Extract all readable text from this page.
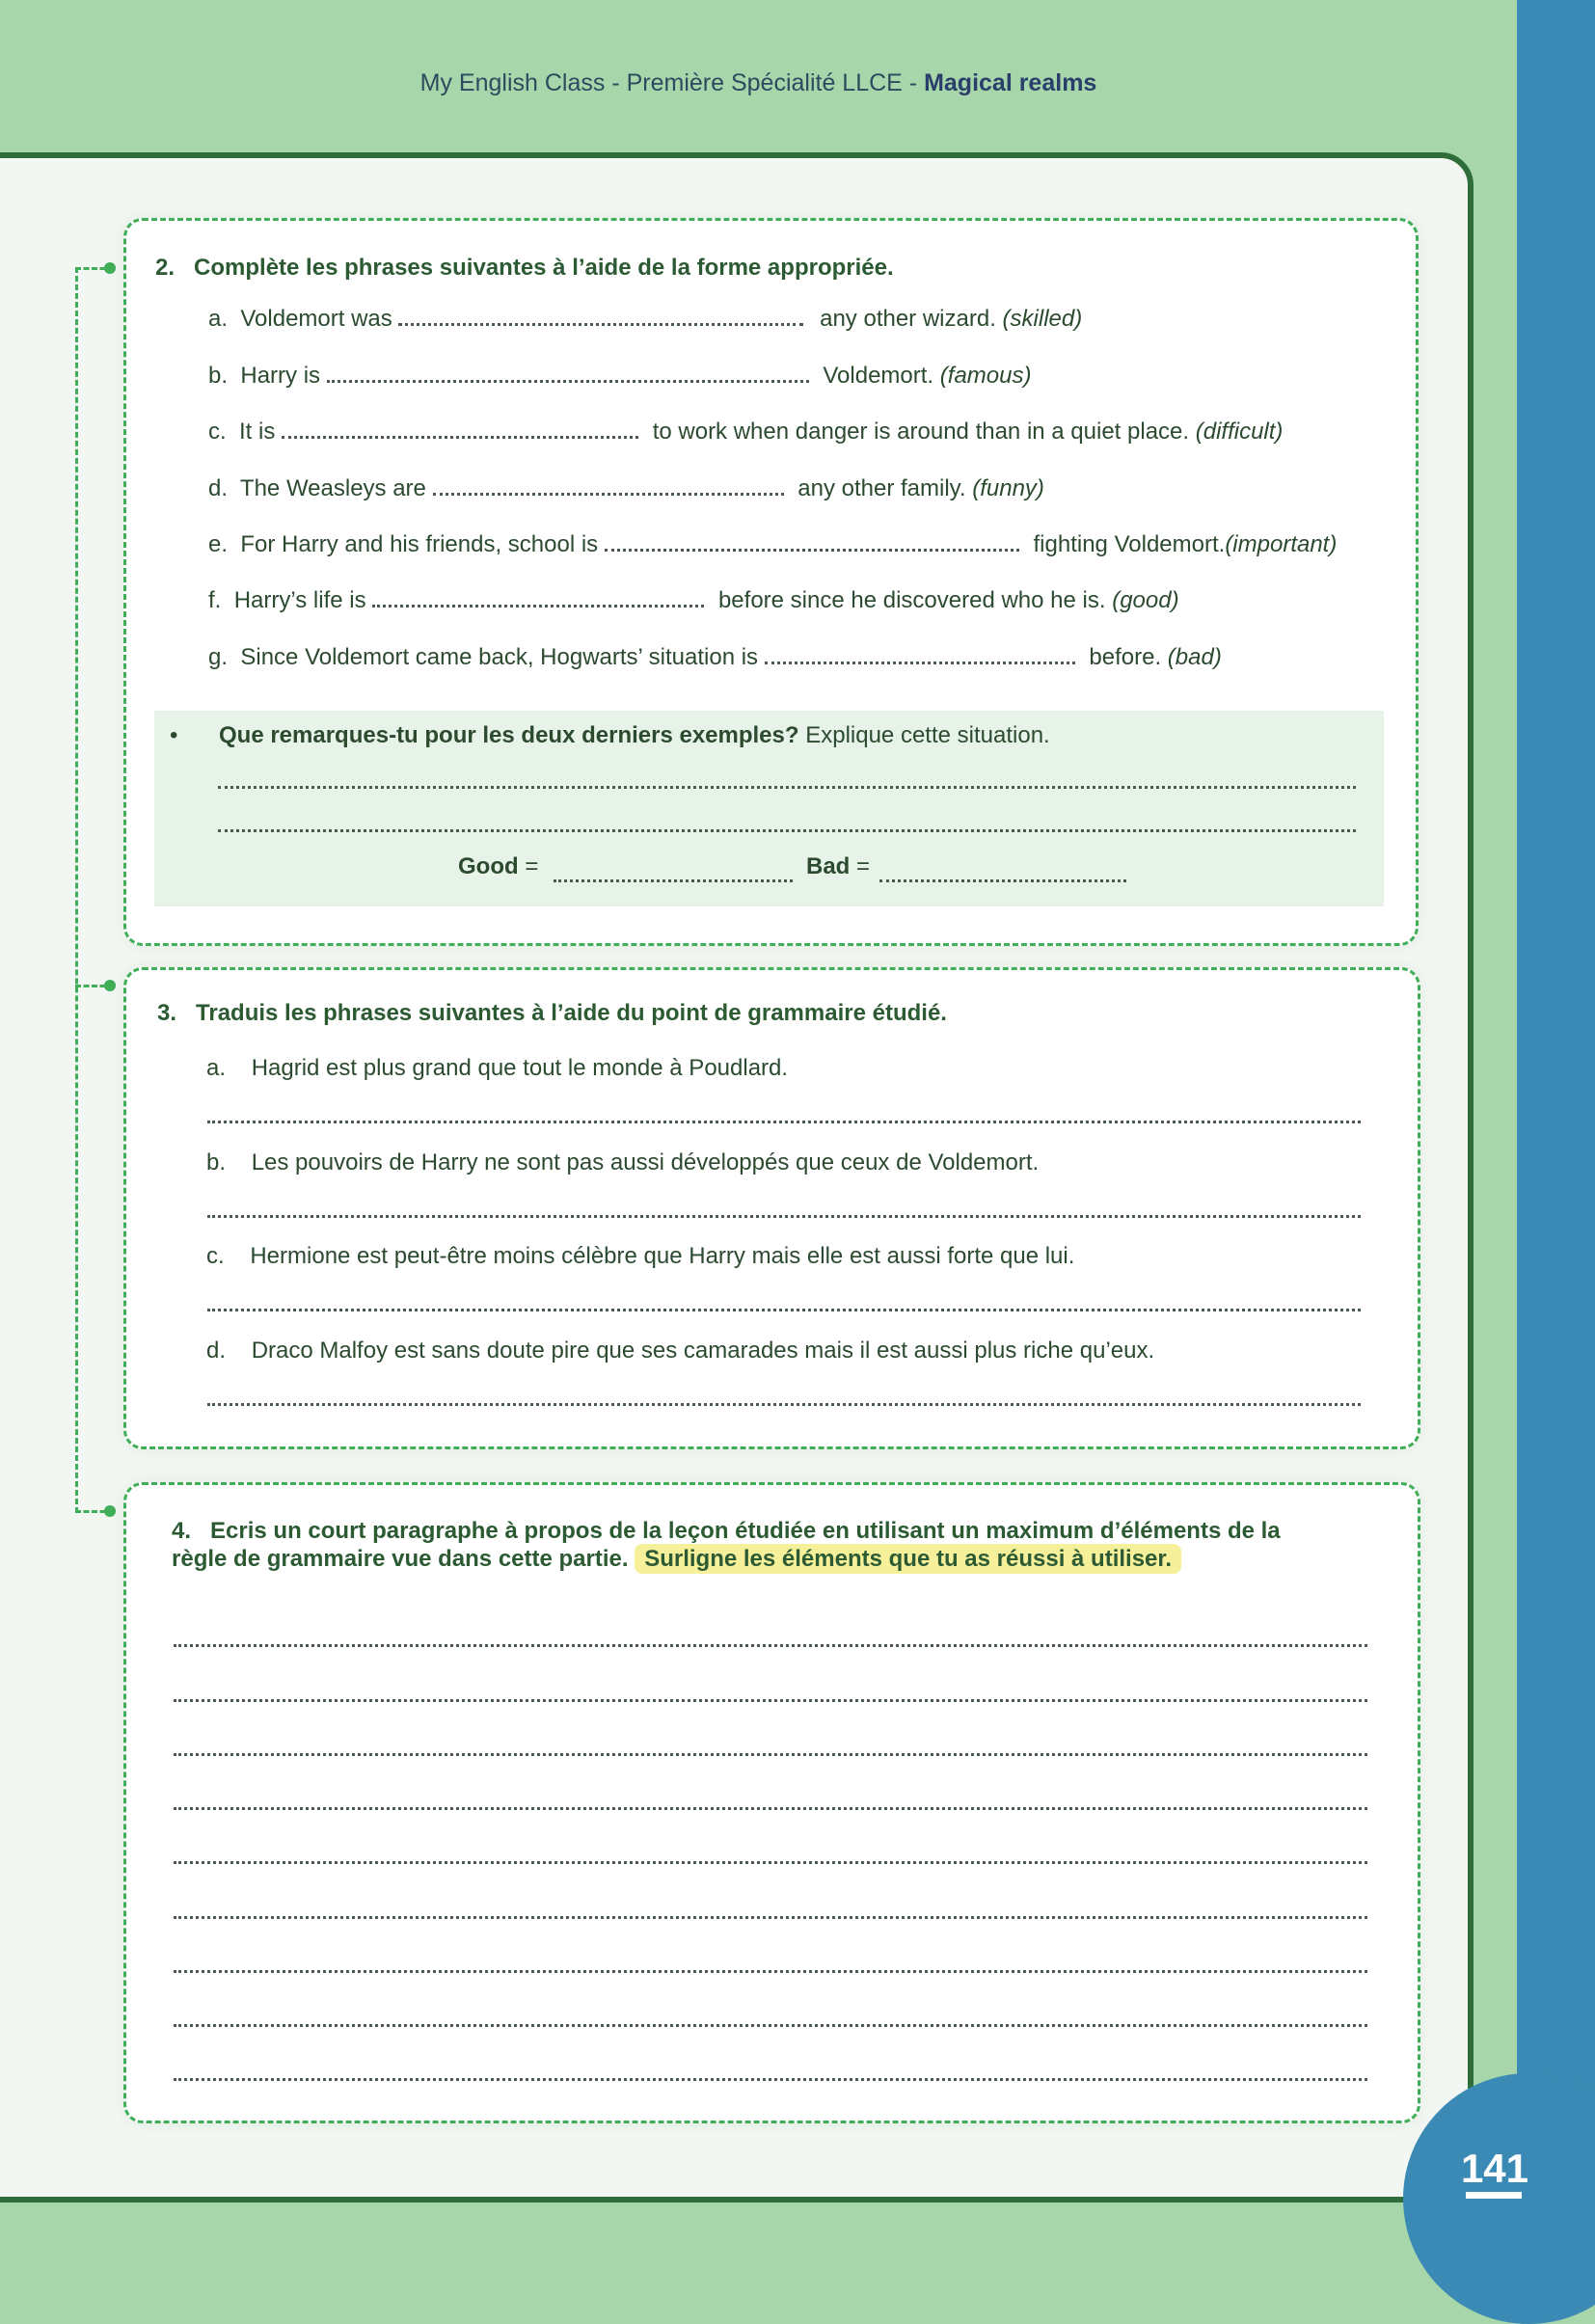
My English Class - Première Spécialité LLCE - Magical realms
2. Complète les phrases suivantes à l’aide de la forme appropriée.
a. Voldemort was	any other wizard. (skilled)
b. Harry is	Voldemort. (famous)
c. It is	to work when danger is around than in a quiet place. (difficult)
d. The Weasleys are	any other family. (funny)
e. For Harry and his friends, school is	fighting Voldemort.(important)
f. Harry’s life is	before since he discovered who he is. (good)
g. Since Voldemort came back, Hogwarts’ situation is	before. (bad)
• Que remarques-tu pour les deux derniers exemples? Explique cette situation.
Good =	Bad =
3. Traduis les phrases suivantes à l’aide du point de grammaire étudié.
a. Hagrid est plus grand que tout le monde à Poudlard.
b. Les pouvoirs de Harry ne sont pas aussi développés que ceux de Voldemort.
c. Hermione est peut-être moins célèbre que Harry mais elle est aussi forte que lui.
d. Draco Malfoy est sans doute pire que ses camarades mais il est aussi plus riche qu’eux.
4. Ecris un court paragraphe à propos de la leçon étudiée en utilisant un maximum d’éléments de la
règle de grammaire vue dans cette partie. Surligne les éléments que tu as réussi à utiliser.
141
